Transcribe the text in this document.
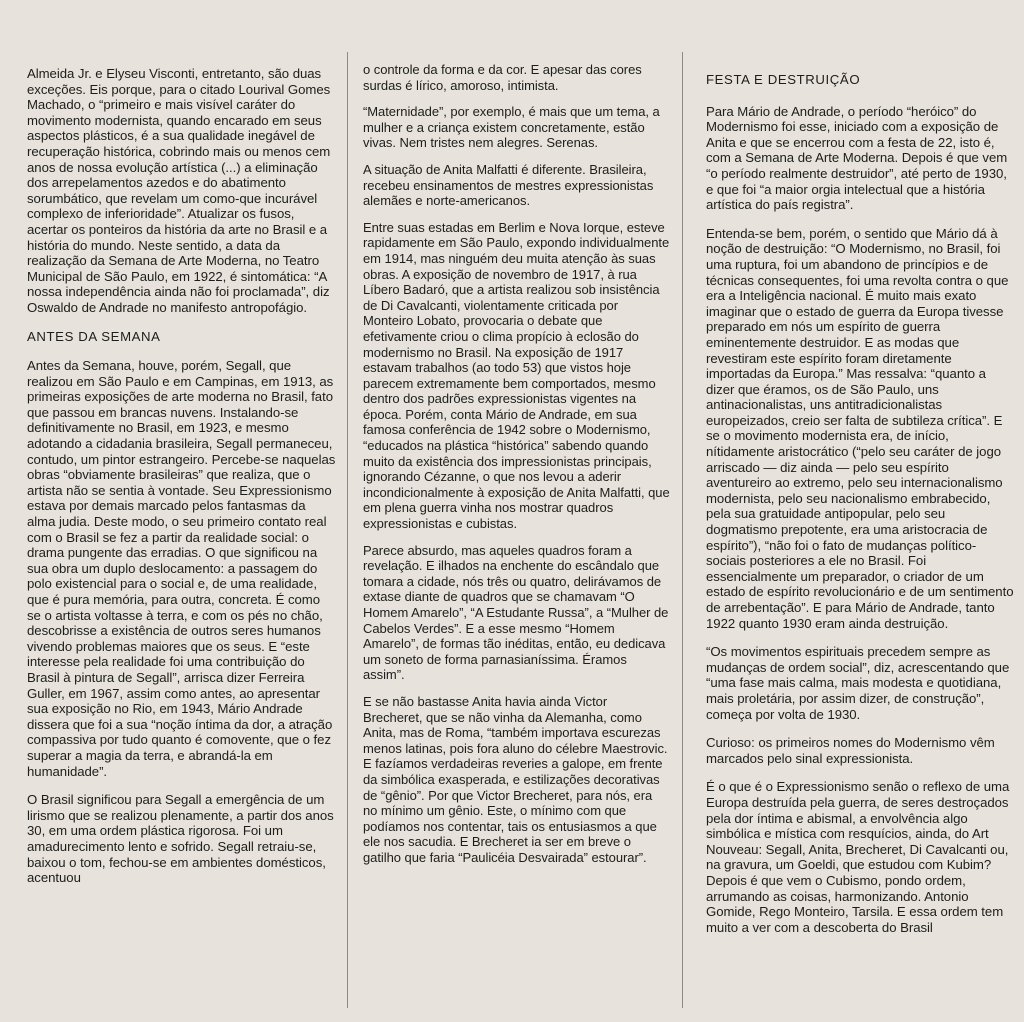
Almeida Jr. e Elyseu Visconti, entretanto, são duas exceções. Eis porque, para o citado Lourival Gomes Machado, o “primeiro e mais visível caráter do movimento modernista, quando encarado em seus aspectos plásticos, é a sua qualidade inegável de recuperação histórica, cobrindo mais ou menos cem anos de nossa evolução artística (...) a eliminação dos arrepelamentos azedos e do abatimento sorumbático, que revelam um como-que incurável complexo de inferioridade”. Atualizar os fusos, acertar os ponteiros da história da arte no Brasil e a história do mundo. Neste sentido, a data da realização da Semana de Arte Moderna, no Teatro Municipal de São Paulo, em 1922, é sintomática: “A nossa independência ainda não foi proclamada”, diz Oswaldo de Andrade no manifesto antropofágio.

ANTES DA SEMANA

Antes da Semana, houve, porém, Segall, que realizou em São Paulo e em Campinas, em 1913, as primeiras exposições de arte moderna no Brasil, fato que passou em brancas nuvens. Instalando-se definitivamente no Brasil, em 1923, e mesmo adotando a cidadania brasileira, Segall permaneceu, contudo, um pintor estrangeiro. Percebe-se naquelas obras “obviamente brasileiras” que realiza, que o artista não se sentia à vontade. Seu Expressionismo estava por demais marcado pelos fantasmas da alma judia. Deste modo, o seu primeiro contato real com o Brasil se fez a partir da realidade social: o drama pungente das erradias. O que significou na sua obra um duplo deslocamento: a passagem do polo existencial para o social e, de uma realidade, que é pura memória, para outra, concreta. É como se o artista voltasse à terra, e com os pés no chão, descobrisse a existência de outros seres humanos vivendo problemas maiores que os seus. E “este interesse pela realidade foi uma contribuição do Brasil à pintura de Segall”, arrisca dizer Ferreira Guller, em 1967, assim como antes, ao apresentar sua exposição no Rio, em 1943, Mário Andrade dissera que foi a sua “noção íntima da dor, a atração compassiva por tudo quanto é comovente, que o fez superar a magia da terra, e abrandá-la em humanidade”.

O Brasil significou para Segall a emergência de um lirismo que se realizou plenamente, a partir dos anos 30, em uma ordem plástica rigorosa. Foi um amadurecimento lento e sofrido. Segall retraiu-se, baixou o tom, fechou-se em ambientes domésticos, acentuou

o controle da forma e da cor. E apesar das cores surdas é lírico, amoroso, intimista.

“Maternidade”, por exemplo, é mais que um tema, a mulher e a criança existem concretamente, estão vivas. Nem tristes nem alegres. Serenas.

A situação de Anita Malfatti é diferente. Brasileira, recebeu ensinamentos de mestres expressionistas alemães e norte-americanos.

Entre suas estadas em Berlim e Nova Iorque, esteve rapidamente em São Paulo, expondo individualmente em 1914, mas ninguém deu muita atenção às suas obras. A exposição de novembro de 1917, à rua Líbero Badaró, que a artista realizou sob insistência de Di Cavalcanti, violentamente criticada por Monteiro Lobato, provocaria o debate que efetivamente criou o clima propício à eclosão do modernismo no Brasil. Na exposição de 1917 estavam trabalhos (ao todo 53) que vistos hoje parecem extremamente bem comportados, mesmo dentro dos padrões expressionistas vigentes na época. Porém, conta Mário de Andrade, em sua famosa conferência de 1942 sobre o Modernismo, “educados na plástica “histórica” sabendo quando muito da existência dos impressionistas principais, ignorando Cézanne, o que nos levou a aderir incondicionalmente à exposição de Anita Malfatti, que em plena guerra vinha nos mostrar quadros expressionistas e cubistas.

Parece absurdo, mas aqueles quadros foram a revelação. E ilhados na enchente do escândalo que tomara a cidade, nós três ou quatro, delirávamos de extase diante de quadros que se chamavam “O Homem Amarelo”, “A Estudante Russa”, a “Mulher de Cabelos Verdes”. E a esse mesmo “Homem Amarelo”, de formas tão inéditas, então, eu dedicava um soneto de forma parnasianíssima. Éramos assim”.

E se não bastasse Anita havia ainda Victor Brecheret, que se não vinha da Alemanha, como Anita, mas de Roma, “também importava escurezas menos latinas, pois fora aluno do célebre Maestrovic. E fazíamos verdadeiras reveries a galope, em frente da simbólica exasperada, e estilizações decorativas de “gênio”. Por que Victor Brecheret, para nós, era no mínimo um gênio. Este, o mínimo com que podíamos nos contentar, tais os entusiasmos a que ele nos sacudia. E Brecheret ia ser em breve o gatilho que faria “Paulicéia Desvairada” estourar”.

FESTA E DESTRUIÇÃO

Para Mário de Andrade, o período “heróico” do Modernismo foi esse, iniciado com a exposição de Anita e que se encerrou com a festa de 22, isto é, com a Semana de Arte Moderna. Depois é que vem “o período realmente destruidor”, até perto de 1930, e que foi “a maior orgia intelectual que a história artística do país registra”.

Entenda-se bem, porém, o sentido que Mário dá à noção de destruição: “O Modernismo, no Brasil, foi uma ruptura, foi um abandono de princípios e de técnicas consequentes, foi uma revolta contra o que era a Inteligência nacional. É muito mais exato imaginar que o estado de guerra da Europa tivesse preparado em nós um espírito de guerra eminentemente destruidor. E as modas que revestiram este espírito foram diretamente importadas da Europa.” Mas ressalva: “quanto a dizer que éramos, os de São Paulo, uns antinacionalistas, uns antitradicionalistas europeizados, creio ser falta de subtileza crítica”. E se o movimento modernista era, de início, nítidamente aristocrático (“pelo seu caráter de jogo arriscado — diz ainda — pelo seu espírito aventureiro ao extremo, pelo seu internacionalismo modernista, pelo seu nacionalismo embrabecido, pela sua gratuidade antipopular, pelo seu dogmatismo prepotente, era uma aristocracia de espírito”), “não foi o fato de mudanças político-sociais posteriores a ele no Brasil. Foi essencialmente um preparador, o criador de um estado de espírito revolucionário e de um sentimento de arrebentação”. E para Mário de Andrade, tanto 1922 quanto 1930 eram ainda destruição.

“Os movimentos espirituais precedem sempre as mudanças de ordem social”, diz, acrescentando que “uma fase mais calma, mais modesta e quotidiana, mais proletária, por assim dizer, de construção”, começa por volta de 1930.

Curioso: os primeiros nomes do Modernismo vêm marcados pelo sinal expressionista.

É o que é o Expressionismo senão o reflexo de uma Europa destruída pela guerra, de seres destroçados pela dor íntima e abismal, a envolvência algo simbólica e mística com resquícios, ainda, do Art Nouveau: Segall, Anita, Brecheret, Di Cavalcanti ou, na gravura, um Goeldi, que estudou com Kubim? Depois é que vem o Cubismo, pondo ordem, arrumando as coisas, harmonizando. Antonio Gomide, Rego Monteiro, Tarsila. E essa ordem tem muito a ver com a descoberta do Brasil
